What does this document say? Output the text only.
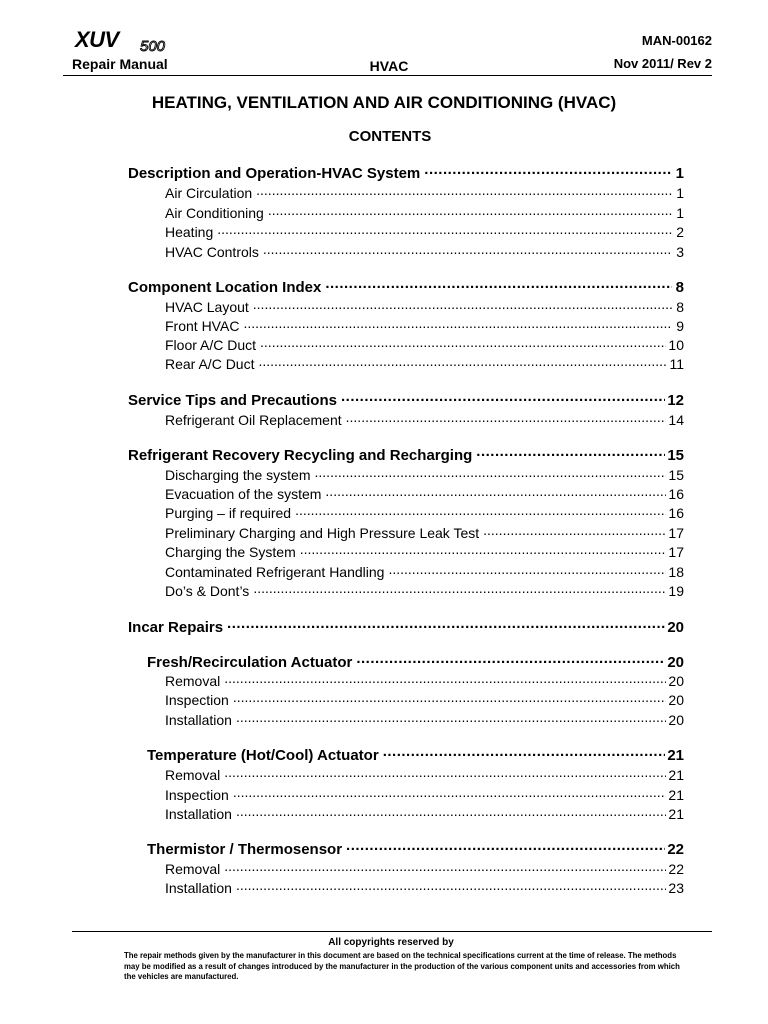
XUV 500	MAN-00162
Repair Manual	HVAC	Nov 2011/ Rev 2
HEATING, VENTILATION AND AIR CONDITIONING (HVAC)
CONTENTS
Description and Operation-HVAC System .....	1
Air Circulation .....	1
Air Conditioning .....	1
Heating .....	2
HVAC Controls .....	3
Component Location Index .....	8
HVAC Layout .....	8
Front HVAC .....	9
Floor A/C Duct .....	10
Rear A/C Duct .....	11
Service Tips and Precautions .....	12
Refrigerant Oil Replacement .....	14
Refrigerant Recovery Recycling and Recharging .....	15
Discharging the system .....	15
Evacuation of the system .....	16
Purging – if required .....	16
Preliminary Charging and High Pressure Leak Test .....	17
Charging the System .....	17
Contaminated Refrigerant Handling .....	18
Do’s & Dont’s .....	19
Incar Repairs .....	20
Fresh/Recirculation Actuator .....	20
Removal .....	20
Inspection .....	20
Installation .....	20
Temperature (Hot/Cool) Actuator .....	21
Removal .....	21
Inspection .....	21
Installation .....	21
Thermistor / Thermosensor .....	22
Removal .....	22
Installation .....	23
All copyrights reserved by
The repair methods given by the manufacturer in this document are based on the technical specifications current at the time of release. The methods may be modified as a result of changes introduced by the manufacturer in the production of the various component units and accessories from which the vehicles are manufactured.
